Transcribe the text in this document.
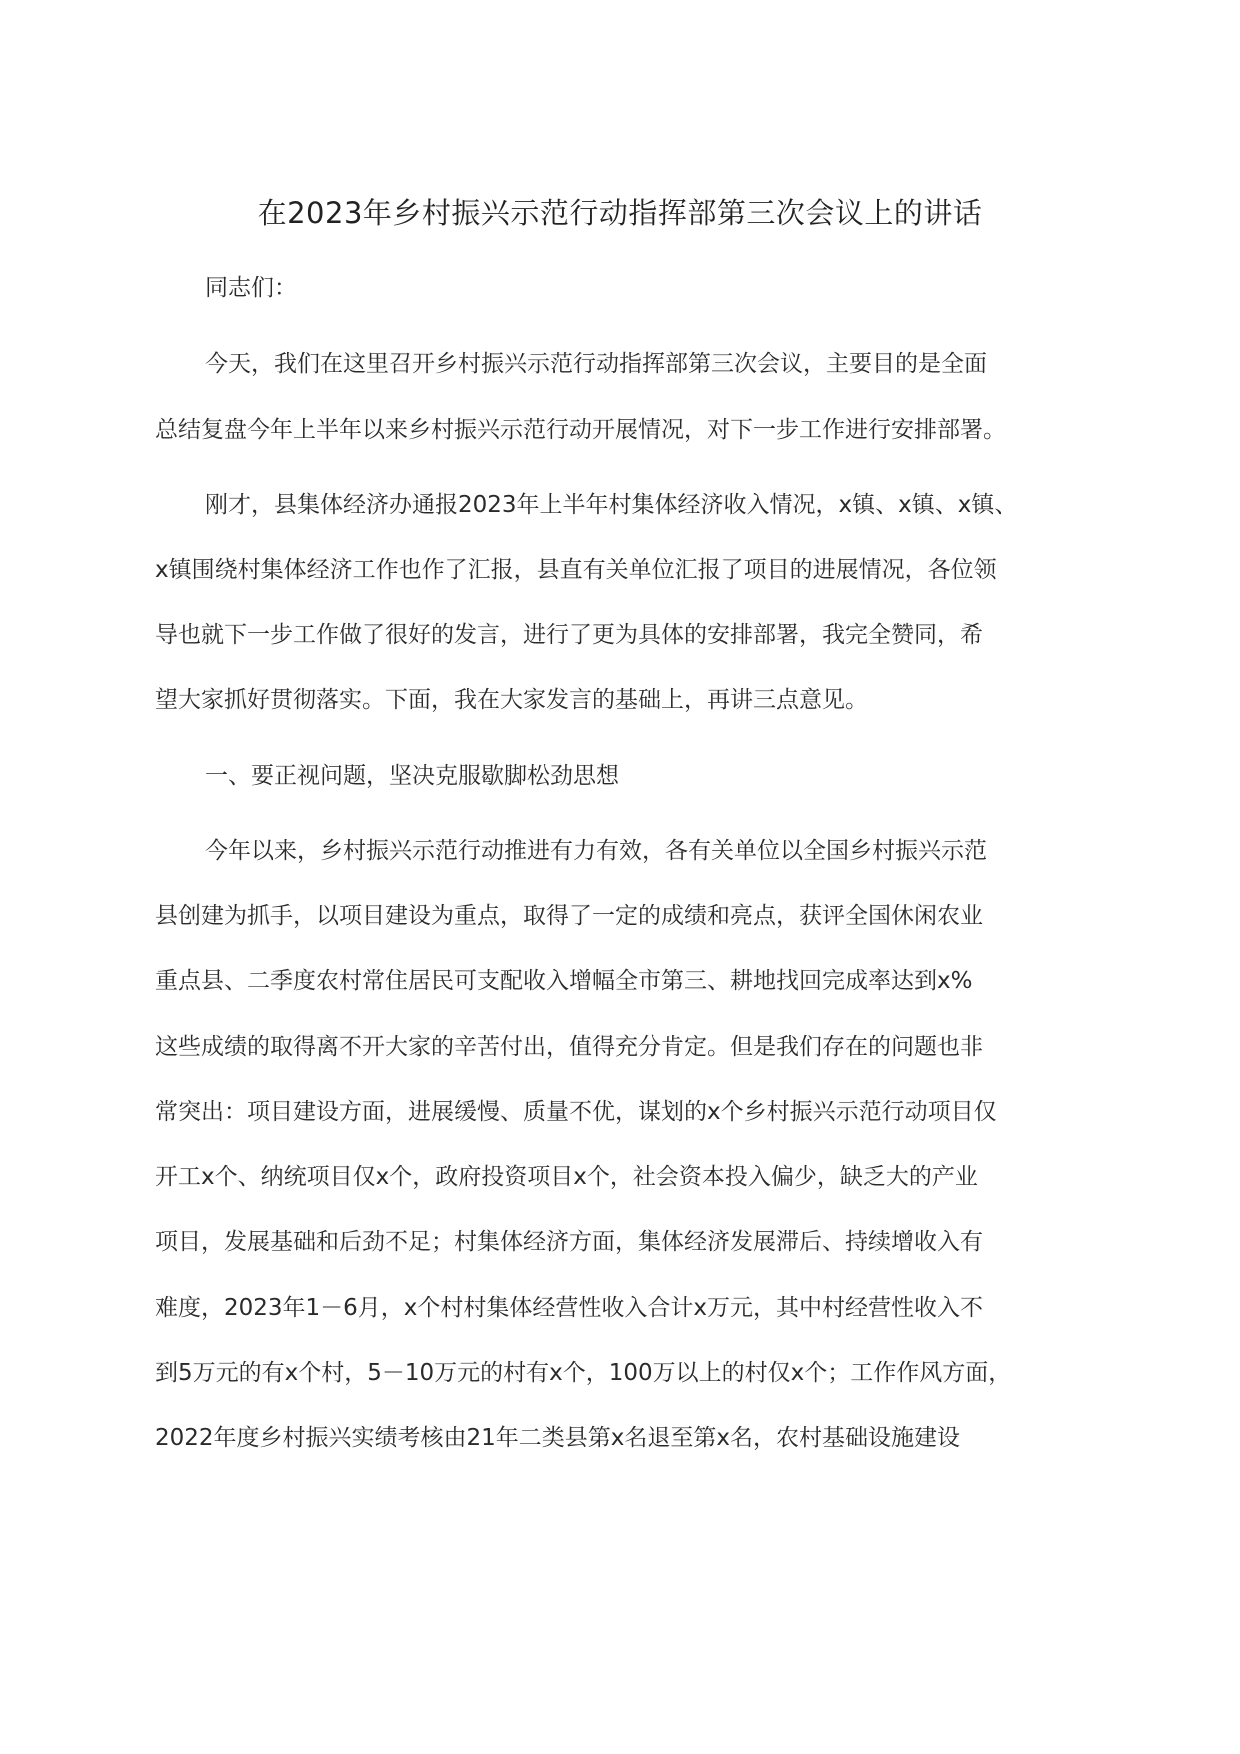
在2023年乡村振兴示范行动指挥部第三次会议上的讲话
同志们：
今天，我们在这里召开乡村振兴示范行动指挥部第三次会议，主要目的是全面
总结复盘今年上半年以来乡村振兴示范行动开展情况，对下一步工作进行安排部署。
刚才，县集体经济办通报2023年上半年村集体经济收入情况，x镇、x镇、x镇、
x镇围绕村集体经济工作也作了汇报，县直有关单位汇报了项目的进展情况，各位领
导也就下一步工作做了很好的发言，进行了更为具体的安排部署，我完全赞同，希
望大家抓好贯彻落实。下面，我在大家发言的基础上，再讲三点意见。
一、要正视问题，坚决克服歇脚松劲思想
今年以来，乡村振兴示范行动推进有力有效，各有关单位以全国乡村振兴示范
县创建为抓手，以项目建设为重点，取得了一定的成绩和亮点，获评全国休闲农业
重点县、二季度农村常住居民可支配收入增幅全市第三、耕地找回完成率达到x%
这些成绩的取得离不开大家的辛苦付出，值得充分肯定。但是我们存在的问题也非
常突出：项目建设方面，进展缓慢、质量不优，谋划的x个乡村振兴示范行动项目仅
开工x个、纳统项目仅x个，政府投资项目x个，社会资本投入偏少，缺乏大的产业
项目，发展基础和后劲不足；村集体经济方面，集体经济发展滞后、持续增收入有
难度，2023年1－6月，x个村村集体经营性收入合计x万元，其中村经营性收入不
到5万元的有x个村，5－10万元的村有x个，100万以上的村仅x个；工作作风方面，
2022年度乡村振兴实绩考核由21年二类县第x名退至第x名，农村基础设施建设
